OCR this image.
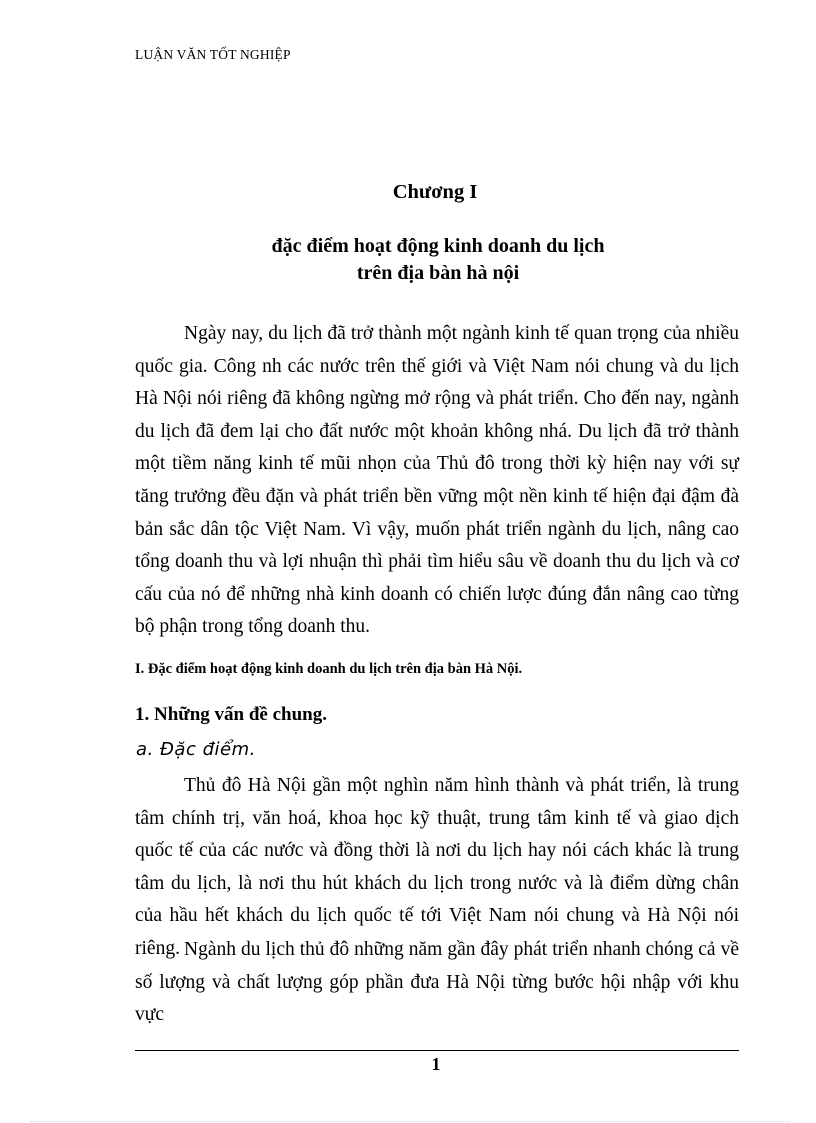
LUẬN VĂN TỐT NGHIỆP
Chương I
đặc điểm hoạt động kinh doanh du lịch
trên địa bàn hà nội

Ngày nay, du lịch đã trở thành một ngành kinh tế quan trọng của nhiều quốc gia. Công nh các nước trên thế giới và Việt Nam nói chung và du lịch Hà Nội nói riêng đã không ngừng mở rộng và phát triển. Cho đến nay, ngành du lịch đã đem lại cho đất nước một khoản không nhá. Du lịch đã trở thành một tiềm năng kinh tế mũi nhọn của Thủ đô trong thời kỳ hiện nay với sự tăng trưởng đều đặn và phát triển bền vững một nền kinh tế hiện đại đậm đà bản sắc dân tộc Việt Nam. Vì vậy, muốn phát triển ngành du lịch, nâng cao tổng doanh thu và lợi nhuận thì phải tìm hiểu sâu về doanh thu du lịch và cơ cấu của nó để những nhà kinh doanh có chiến lược đúng đắn nâng cao từng bộ phận trong tổng doanh thu.

I. Đặc điểm hoạt động kinh doanh du lịch trên địa bàn Hà Nội.
1. Những vấn đề chung.
a. Đặc điểm.

Thủ đô Hà Nội gần một nghìn năm hình thành và phát triển, là trung tâm chính trị, văn hoá, khoa học kỹ thuật, trung tâm kinh tế và giao dịch quốc tế của các nước và đồng thời là nơi du lịch hay nói cách khác là trung tâm du lịch, là nơi thu hút khách du lịch trong nước và là điểm dừng chân của hầu hết khách du lịch quốc tế tới Việt Nam nói chung và Hà Nội nói riêng. Ngành du lịch thủ đô những năm gần đây phát triển nhanh chóng cả về số lượng và chất lượng góp phần đưa Hà Nội từng bước hội nhập với khu vực

1
